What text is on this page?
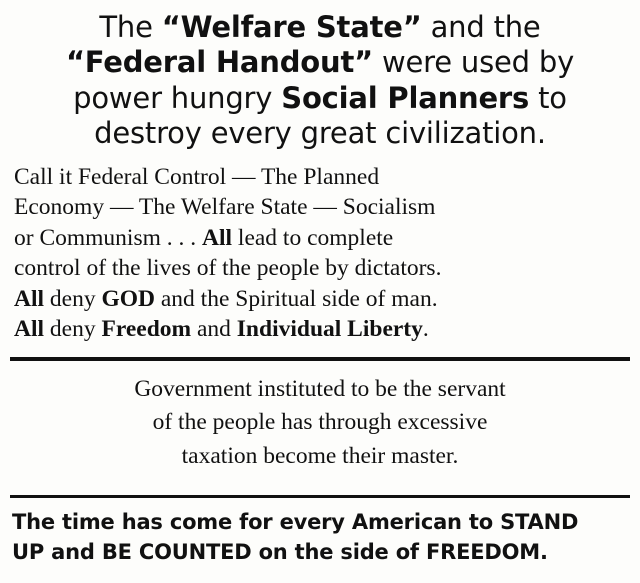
The “Welfare State” and the
“Federal Handout” were used by
power hungry Social Planners to
destroy every great civilization.
Call it Federal Control — The Planned
Economy — The Welfare State — Socialism
or Communism . . . All lead to complete
control of the lives of the people by dictators.
All deny GOD and the Spiritual side of man.
All deny Freedom and Individual Liberty.
Government instituted to be the servant
of the people has through excessive
taxation become their master.
The time has come for every American to STAND
UP and BE COUNTED on the side of FREEDOM.
